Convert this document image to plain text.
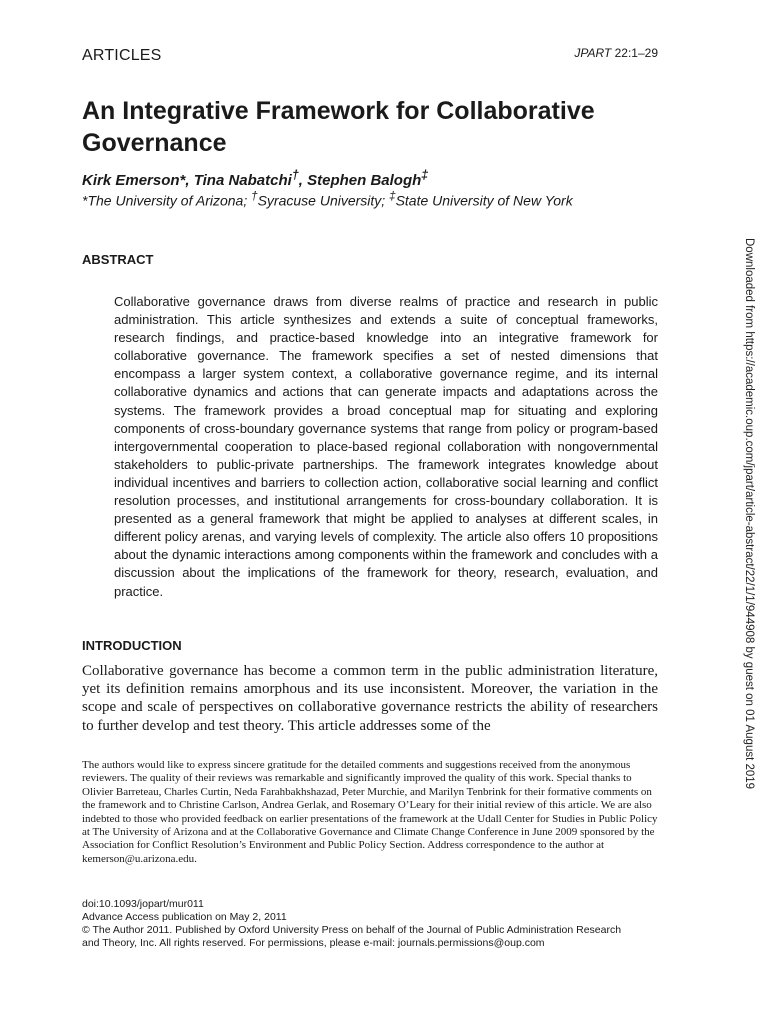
ARTICLES	JPART 22:1–29
An Integrative Framework for Collaborative Governance
Kirk Emerson*, Tina Nabatchi†, Stephen Balogh‡
*The University of Arizona; †Syracuse University; ‡State University of New York
ABSTRACT

Collaborative governance draws from diverse realms of practice and research in public administration. This article synthesizes and extends a suite of conceptual frameworks, research findings, and practice-based knowledge into an integrative framework for collaborative governance. The framework specifies a set of nested dimensions that encompass a larger system context, a collaborative governance regime, and its internal collaborative dynamics and actions that can generate impacts and adaptations across the systems. The framework provides a broad conceptual map for situating and exploring components of cross-boundary governance systems that range from policy or program-based intergovernmental cooperation to place-based regional collaboration with nongovernmental stakeholders to public-private partnerships. The framework integrates knowledge about individual incentives and barriers to collection action, collaborative social learning and conflict resolution processes, and institutional arrangements for cross-boundary collaboration. It is presented as a general framework that might be applied to analyses at different scales, in different policy arenas, and varying levels of complexity. The article also offers 10 propositions about the dynamic interactions among components within the framework and concludes with a discussion about the implications of the framework for theory, research, evaluation, and practice.

INTRODUCTION

Collaborative governance has become a common term in the public administration literature, yet its definition remains amorphous and its use inconsistent. Moreover, the variation in the scope and scale of perspectives on collaborative governance restricts the ability of researchers to further develop and test theory. This article addresses some of the

The authors would like to express sincere gratitude for the detailed comments and suggestions received from the anonymous reviewers. The quality of their reviews was remarkable and significantly improved the quality of this work. Special thanks to Olivier Barreteau, Charles Curtin, Neda Farahbakhshazad, Peter Murchie, and Marilyn Tenbrink for their formative comments on the framework and to Christine Carlson, Andrea Gerlak, and Rosemary O’Leary for their initial review of this article. We are also indebted to those who provided feedback on earlier presentations of the framework at the Udall Center for Studies in Public Policy at The University of Arizona and at the Collaborative Governance and Climate Change Conference in June 2009 sponsored by the Association for Conflict Resolution’s Environment and Public Policy Section. Address correspondence to the author at kemerson@u.arizona.edu.

doi:10.1093/jopart/mur011
Advance Access publication on May 2, 2011
© The Author 2011. Published by Oxford University Press on behalf of the Journal of Public Administration Research
and Theory, Inc. All rights reserved. For permissions, please e-mail: journals.permissions@oup.com
Downloaded from https://academic.oup.com/jpart/article-abstract/22/1/1/944908 by guest on 01 August 2019
